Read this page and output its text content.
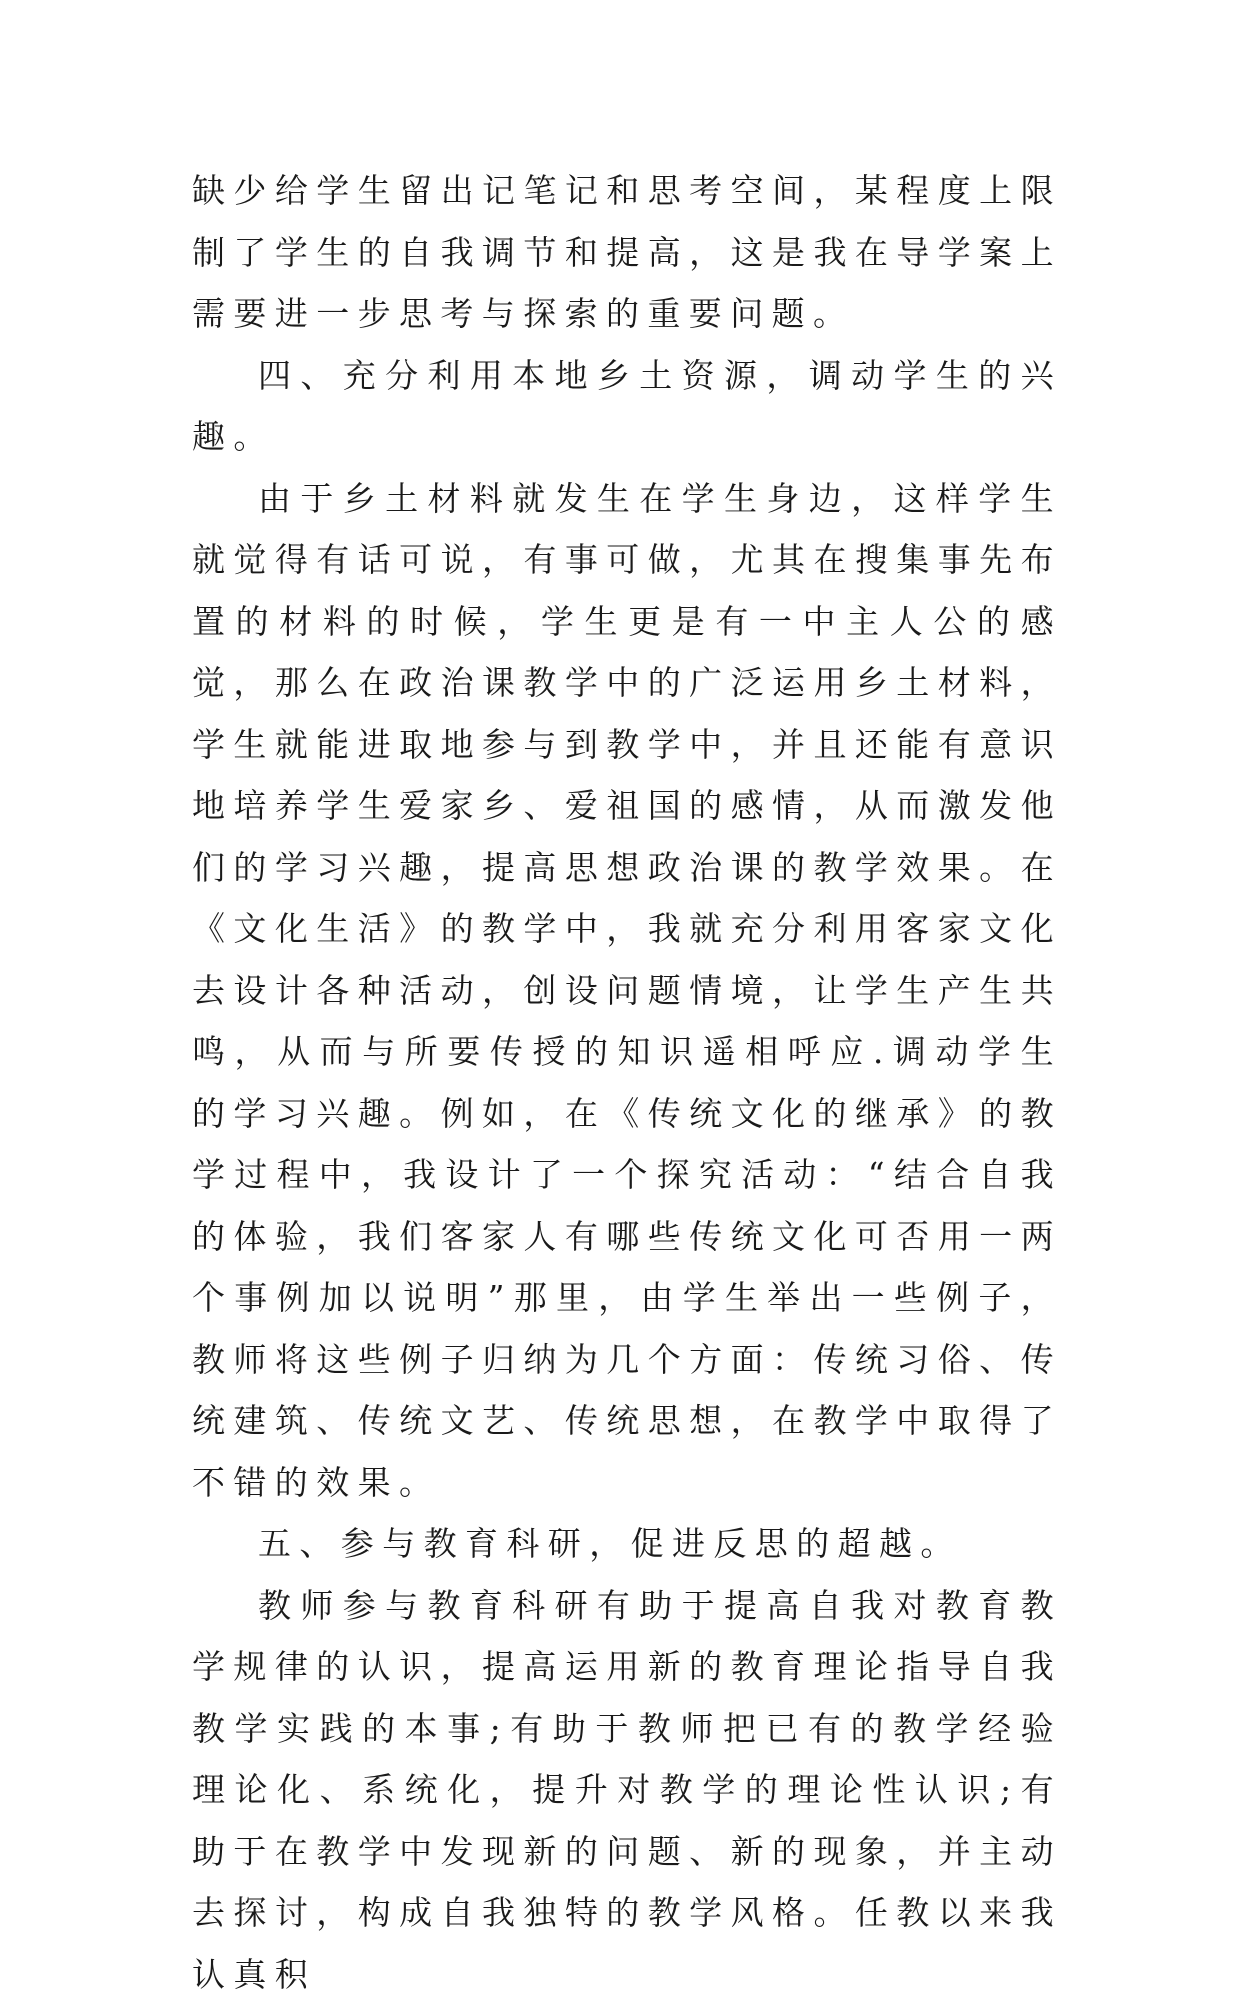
缺少给学生留出记笔记和思考空间，某程度上限制了学生的自我调节和提高，这是我在导学案上需要进一步思考与探索的重要问题。

四、充分利用本地乡土资源，调动学生的兴趣。

由于乡土材料就发生在学生身边，这样学生就觉得有话可说，有事可做，尤其在搜集事先布置的材料的时候，学生更是有一中主人公的感觉，那么在政治课教学中的广泛运用乡土材料，学生就能进取地参与到教学中，并且还能有意识地培养学生爱家乡、爱祖国的感情，从而激发他们的学习兴趣，提高思想政治课的教学效果。在《文化生活》的教学中，我就充分利用客家文化去设计各种活动，创设问题情境，让学生产生共鸣，从而与所要传授的知识遥相呼应.调动学生的学习兴趣。例如，在《传统文化的继承》的教学过程中，我设计了一个探究活动：“结合自我的体验，我们客家人有哪些传统文化可否用一两个事例加以说明”那里，由学生举出一些例子，教师将这些例子归纳为几个方面：传统习俗、传统建筑、传统文艺、传统思想，在教学中取得了不错的效果。

五、参与教育科研，促进反思的超越。

教师参与教育科研有助于提高自我对教育教学规律的认识，提高运用新的教育理论指导自我教学实践的本事;有助于教师把已有的教学经验理论化、系统化，提升对教学的理论性认识;有助于在教学中发现新的问题、新的现象，并主动去探讨，构成自我独特的教学风格。任教以来我认真积
